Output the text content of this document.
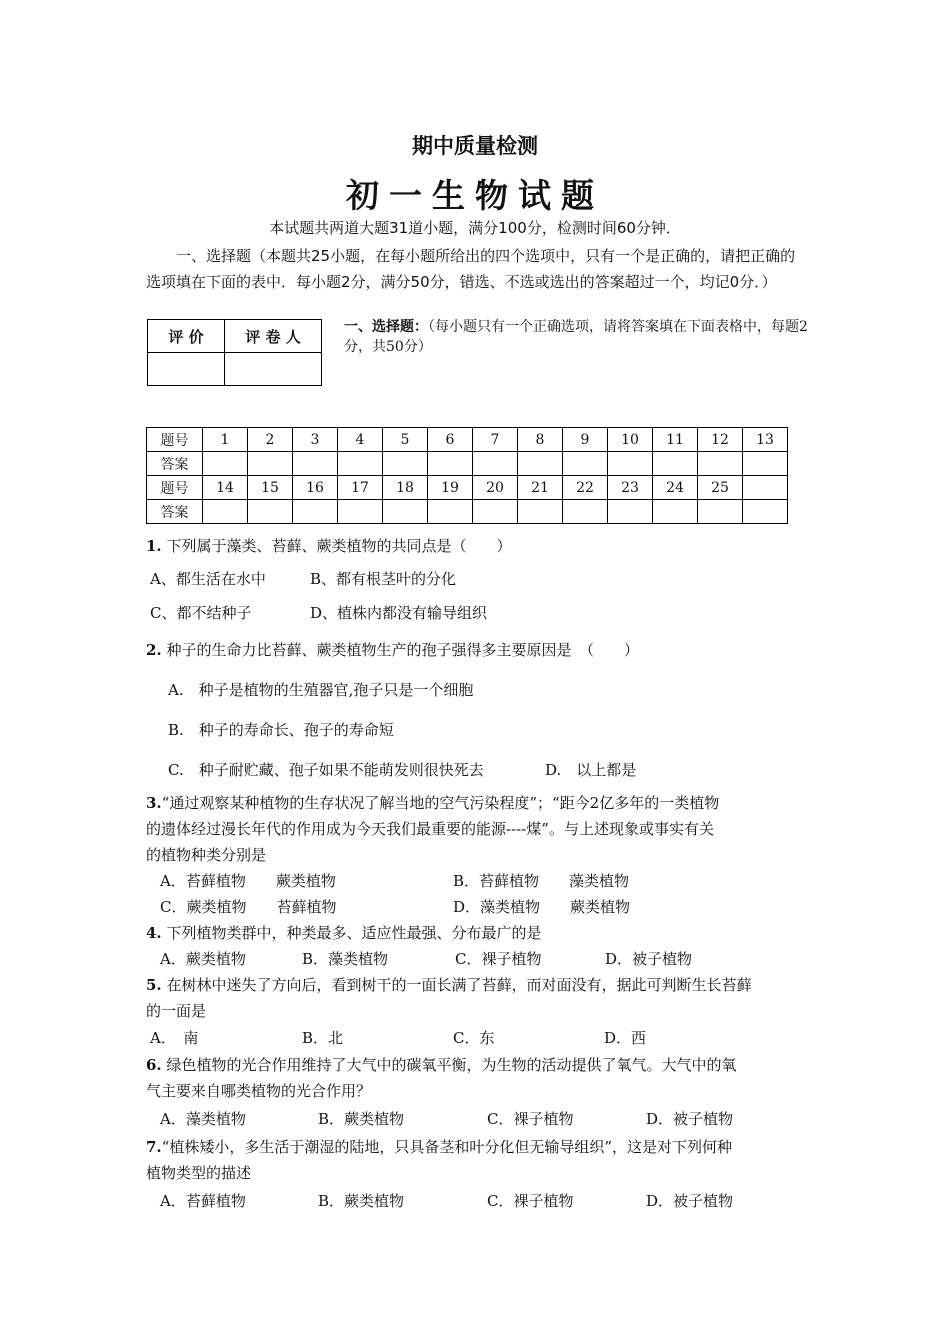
期中质量检测
初一生物试题
本试题共两道大题31道小题，满分100分，检测时间60分钟．
一、选择题（本题共25小题，在每小题所给出的四个选项中，只有一个是正确的，请把正确的选项填在下面的表中．每小题2分，满分50分，错选、不选或选出的答案超过一个，均记0分．）
评 价	评 卷 人

一、选择题：（每小题只有一个正确选项，请将答案填在下面表格中，每题2分，共50分）
题号	1	2	3	4	5	6	7	8	9	10	11	12	13
答案													
题号	14	15	16	17	18	19	20	21	22	23	24	25	
答案													
1. 下列属于藻类、苔藓、蕨类植物的共同点是（　　）
A、都生活在水中	B、都有根茎叶的分化
C、都不结种子	D、植株内都没有输导组织
2. 种子的生命力比苔藓、蕨类植物生产的孢子强得多主要原因是　（　　）
A.　种子是植物的生殖器官,孢子只是一个细胞
B.　种子的寿命长、孢子的寿命短
C.　种子耐贮藏、孢子如果不能萌发则很快死去	D.　以上都是
3.“通过观察某种植物的生存状况了解当地的空气污染程度”；“距今2亿多年的一类植物
的遗体经过漫长年代的作用成为今天我们最重要的能源----煤”。与上述现象或事实有关
的植物种类分别是
A．苔藓植物　　蕨类植物	B．苔藓植物　　藻类植物
C．蕨类植物　　苔藓植物	D．藻类植物　　蕨类植物
4. 下列植物类群中，种类最多、适应性最强、分布最广的是
A．蕨类植物	B．藻类植物	C．裸子植物	D．被子植物
5. 在树林中迷失了方向后，看到树干的一面长满了苔藓，而对面没有，据此可判断生长苔藓
的一面是
A．　南	B．北	C．东	D．西
6. 绿色植物的光合作用维持了大气中的碳氧平衡，为生物的活动提供了氧气。大气中的氧
气主要来自哪类植物的光合作用？
A．藻类植物	B．蕨类植物	C．裸子植物	D．被子植物
7.“植株矮小，多生活于潮湿的陆地，只具备茎和叶分化但无输导组织”，这是对下列何种
植物类型的描述
A．苔藓植物	B．蕨类植物	C．裸子植物	D．被子植物
